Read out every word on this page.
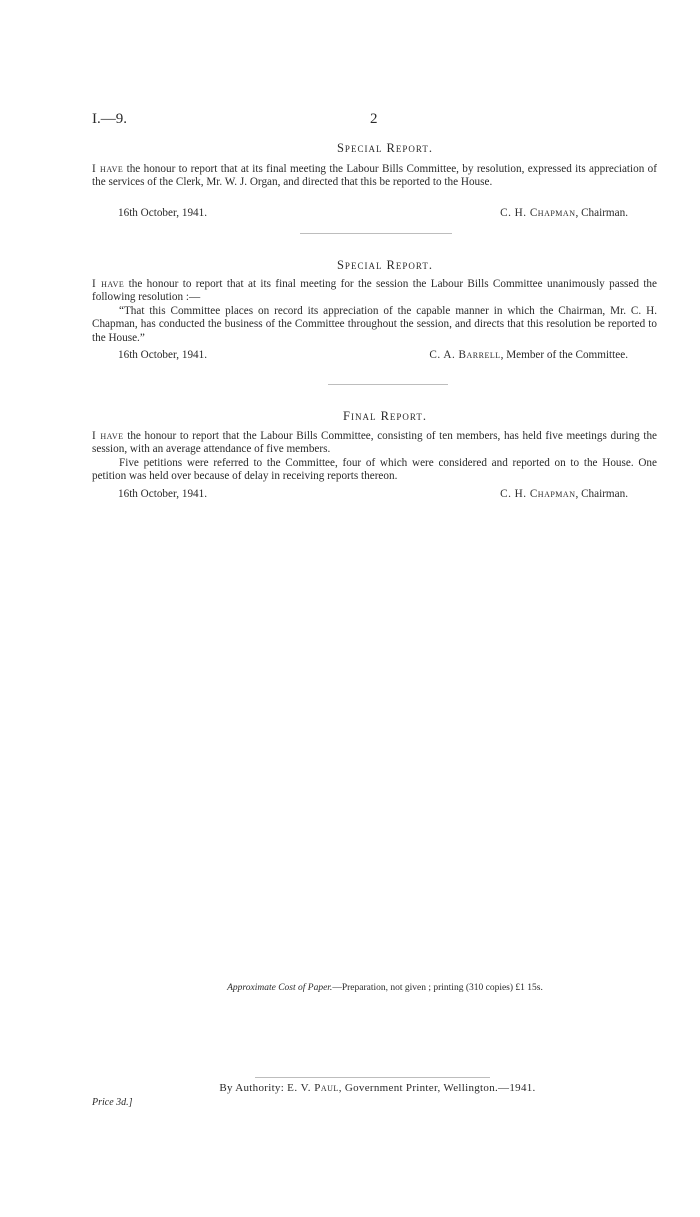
I.—9.	2
Special Report.

I have the honour to report that at its final meeting the Labour Bills Committee, by resolution, expressed its appreciation of the services of the Clerk, Mr. W. J. Organ, and directed that this be reported to the House.

16th October, 1941.	C. H. Chapman, Chairman.
Special Report.

I have the honour to report that at its final meeting for the session the Labour Bills Committee unanimously passed the following resolution :—

“That this Committee places on record its appreciation of the capable manner in which the Chairman, Mr. C. H. Chapman, has conducted the business of the Committee throughout the session, and directs that this resolution be reported to the House.”

16th October, 1941.	C. A. Barrell, Member of the Committee.
Final Report.

I have the honour to report that the Labour Bills Committee, consisting of ten members, has held five meetings during the session, with an average attendance of five members.

Five petitions were referred to the Committee, four of which were considered and reported on to the House. One petition was held over because of delay in receiving reports thereon.

16th October, 1941.	C. H. Chapman, Chairman.
Approximate Cost of Paper.—Preparation, not given ; printing (310 copies) £1 15s.
By Authority: E. V. Paul, Government Printer, Wellington.—1941.
Price 3d.]
